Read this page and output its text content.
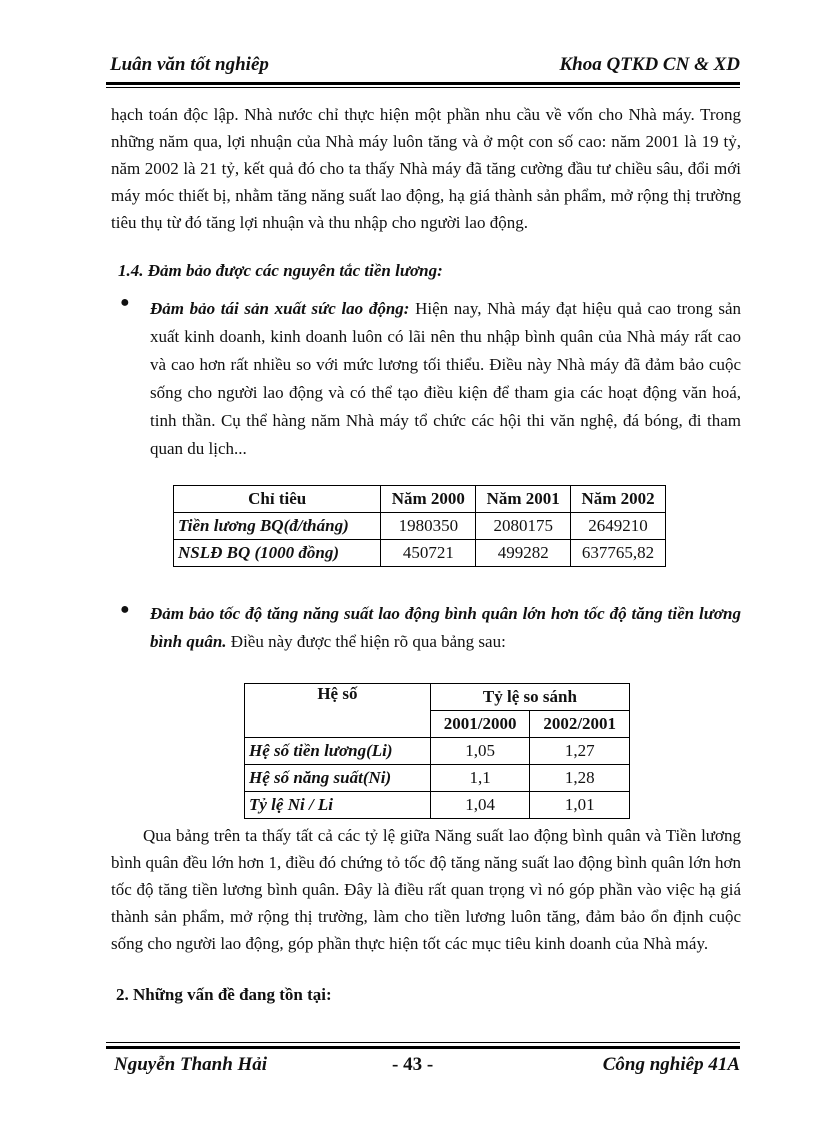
Luân văn tốt nghiêp	Khoa QTKD CN & XD
hạch toán độc lập. Nhà nước chỉ thực hiện một phần nhu cầu về vốn cho Nhà máy. Trong những năm qua, lợi nhuận của Nhà máy luôn tăng và ở một con số cao: năm 2001 là 19 tỷ, năm 2002 là 21 tỷ, kết quả đó cho ta thấy Nhà máy đã tăng cường đầu tư chiều sâu, đổi mới máy móc thiết bị, nhằm tăng năng suất lao động, hạ giá thành sản phẩm, mở rộng thị trường tiêu thụ từ đó tăng lợi nhuận và thu nhập cho người lao động.
1.4. Đảm bảo được các nguyên tắc tiền lương:
● Đảm bảo tái sản xuất sức lao động: Hiện nay, Nhà máy đạt hiệu quả cao trong sản xuất kinh doanh, kinh doanh luôn có lãi nên thu nhập bình quân của Nhà máy rất cao và cao hơn rất nhiều so với mức lương tối thiểu. Điều này Nhà máy đã đảm bảo cuộc sống cho người lao động và có thể tạo điều kiện để tham gia các hoạt động văn hoá, tinh thần. Cụ thể hàng năm Nhà máy tổ chức các hội thi văn nghệ, đá bóng, đi tham quan du lịch...
Chỉ tiêu	Năm 2000	Năm 2001	Năm 2002
Tiền lương BQ(đ/tháng)	1980350	2080175	2649210
NSLĐ BQ (1000 đồng)	450721	499282	637765,82
● Đảm bảo tốc độ tăng năng suất lao động bình quân lớn hơn tốc độ tăng tiền lương bình quân. Điều này được thể hiện rõ qua bảng sau:
Hệ số	Tỷ lệ so sánh	
	2001/2000	2002/2001
Hệ số tiền lương(Li)	1,05	1,27
Hệ số năng suất(Ni)	1,1	1,28
Tỷ lệ Ni / Li	1,04	1,01
Qua bảng trên ta thấy tất cả các tỷ lệ giữa Năng suất lao động bình quân và Tiền lương bình quân đều lớn hơn 1, điều đó chứng tỏ tốc độ tăng năng suất lao động bình quân lớn hơn tốc độ tăng tiền lương bình quân. Đây là điều rất quan trọng vì nó góp phần vào việc hạ giá thành sản phẩm, mở rộng thị trường, làm cho tiền lương luôn tăng, đảm bảo ổn định cuộc sống cho người lao động, góp phần thực hiện tốt các mục tiêu kinh doanh của Nhà máy.
2. Những vấn đề đang tồn tại:
Nguyễn Thanh Hải	- 43 -	Công nghiêp 41A
